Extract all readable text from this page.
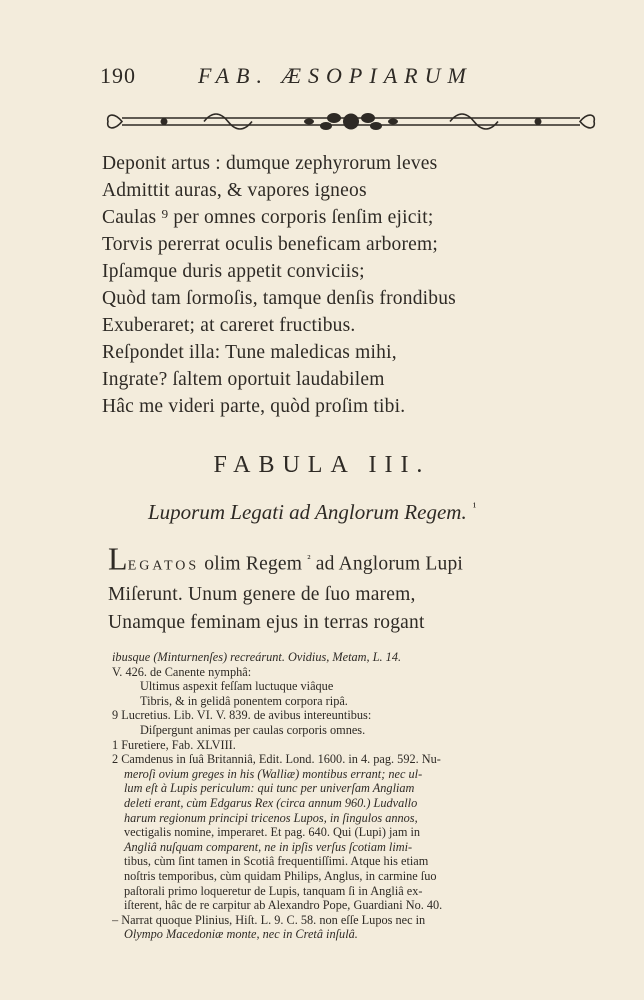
190	FAB. ÆSOPIARUM
Deponit artus : dumque zephyrorum leves
Admittit auras, & vapores igneos
Caulas ⁹ per omnes corporis ſenſim ejicit;
Torvis pererrat oculis beneficam arborem;
Ipſamque duris appetit conviciis;
Quòd tam ſormoſis, tamque denſis frondibus
Exuberaret; at careret fructibus.
Reſpondet illa: Tune maledicas mihi,
Ingrate? ſaltem oportuit laudabilem
Hâc me videri parte, quòd proſim tibi.
FABULA III.
Luporum Legati ad Anglorum Regem. $^{^1}$
LEGATOS olim Regem $^{^2}$ ad Anglorum Lupi
Miſerunt. Unum genere de ſuo marem,
Unamque feminam ejus in terras rogant
ibusque (Minturnenſes) recreárunt. Ovidius, Metam, L. 14.
V. 426. de Canente nymphâ:
Ultimus aspexit feſſam luctuque viâque
Tibris, & in gelidâ ponentem corpora ripâ.
9 Lucretius. Lib. VI. V. 839. de avibus intereuntibus:
Diſpergunt animas per caulas corporis omnes.
1 Furetiere, Fab. XLVIII.
2 Camdenus in ſuâ Britanniâ, Edit. Lond. 1600. in 4. pag. 592. Nu-
meroſi ovium greges in his (Walliæ) montibus errant; nec ul-
lum eſt à Lupis periculum: qui tunc per univerſam Angliam
deleti erant, cùm Edgarus Rex (circa annum 960.) Ludvallo
harum regionum principi tricenos Lupos, in ſingulos annos,
vectigalis nomine, imperaret. Et pag. 640. Qui (Lupi) jam in
Angliâ nuſquam comparent, ne in ipſis verſus ſcotiam limi-
tibus, cùm ſint tamen in Scotiâ frequentiſſimi. Atque his etiam
noſtris temporibus, cùm quidam Philips, Anglus, in carmine ſuo
paſtorali primo loqueretur de Lupis, tanquam ſi in Angliâ ex-
iſterent, hâc de re carpitur ab Alexandro Pope, Guardiani No. 40.
– Narrat quoque Plinius, Hiſt. L. 9. C. 58. non eſſe Lupos nec in
Olympo Macedoniæ monte, nec in Cretâ inſulâ.
